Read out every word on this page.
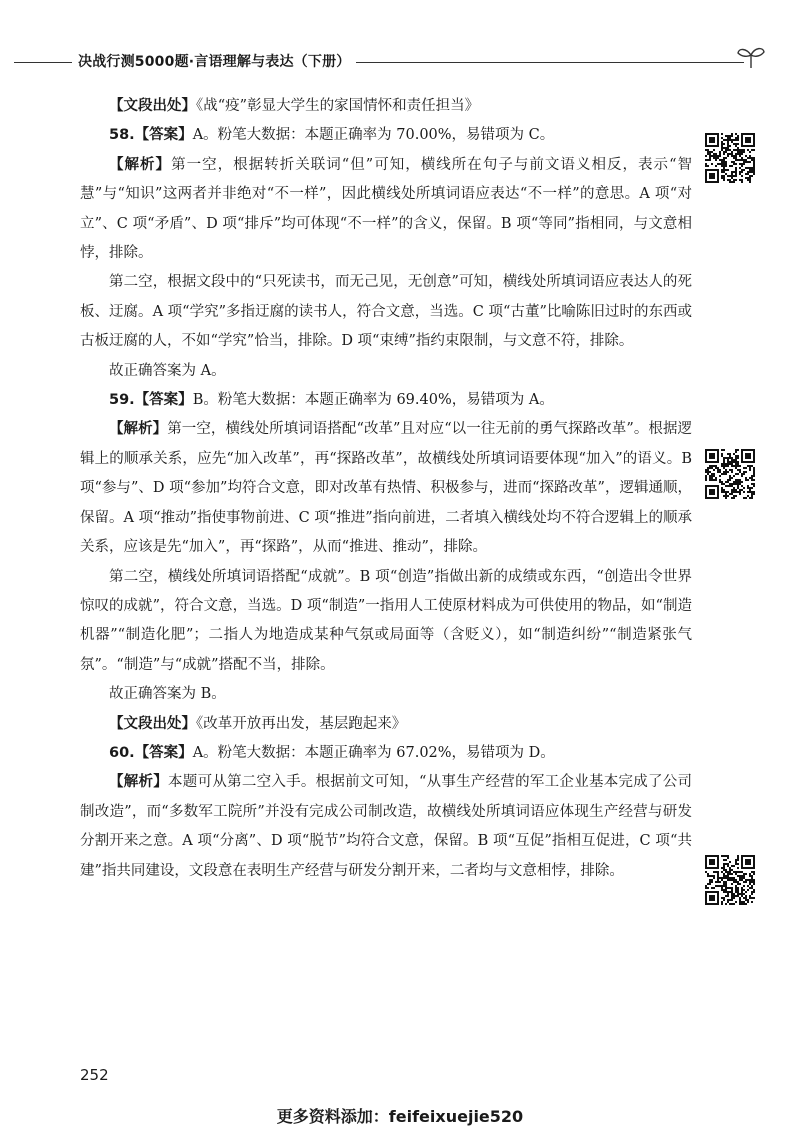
决战行测5000题·言语理解与表达（下册）

【文段出处】《战“疫”彰显大学生的家国情怀和责任担当》

58.【答案】A。粉笔大数据：本题正确率为 70.00%，易错项为 C。

【解析】第一空，根据转折关联词“但”可知，横线所在句子与前文语义相反，表示“智慧”与“知识”这两者并非绝对“不一样”，因此横线处所填词语应表达“不一样”的意思。A 项“对立”、C 项“矛盾”、D 项“排斥”均可体现“不一样”的含义，保留。B 项“等同”指相同，与文意相悖，排除。

第二空，根据文段中的“只死读书，而无己见，无创意”可知，横线处所填词语应表达人的死板、迂腐。A 项“学究”多指迂腐的读书人，符合文意，当选。C 项“古董”比喻陈旧过时的东西或古板迂腐的人，不如“学究”恰当，排除。D 项“束缚”指约束限制，与文意不符，排除。

故正确答案为 A。

59.【答案】B。粉笔大数据：本题正确率为 69.40%，易错项为 A。

【解析】第一空，横线处所填词语搭配“改革”且对应“以一往无前的勇气探路改革”。根据逻辑上的顺承关系，应先“加入改革”，再“探路改革”，故横线处所填词语要体现“加入”的语义。B 项“参与”、D 项“参加”均符合文意，即对改革有热情、积极参与，进而“探路改革”，逻辑通顺，保留。A 项“推动”指使事物前进、C 项“推进”指向前进，二者填入横线处均不符合逻辑上的顺承关系，应该是先“加入”，再“探路”，从而“推进、推动”，排除。

第二空，横线处所填词语搭配“成就”。B 项“创造”指做出新的成绩或东西，“创造出令世界惊叹的成就”，符合文意，当选。D 项“制造”一指用人工使原材料成为可供使用的物品，如“制造机器”“制造化肥”；二指人为地造成某种气氛或局面等（含贬义），如“制造纠纷”“制造紧张气氛”。“制造”与“成就”搭配不当，排除。

故正确答案为 B。

【文段出处】《改革开放再出发，基层跑起来》

60.【答案】A。粉笔大数据：本题正确率为 67.02%，易错项为 D。

【解析】本题可从第二空入手。根据前文可知，“从事生产经营的军工企业基本完成了公司制改造”，而“多数军工院所”并没有完成公司制改造，故横线处所填词语应体现生产经营与研发分割开来之意。A 项“分离”、D 项“脱节”均符合文意，保留。B 项“互促”指相互促进，C 项“共建”指共同建设，文段意在表明生产经营与研发分割开来，二者均与文意相悖，排除。

252
更多资料添加：feifeixuejie520
